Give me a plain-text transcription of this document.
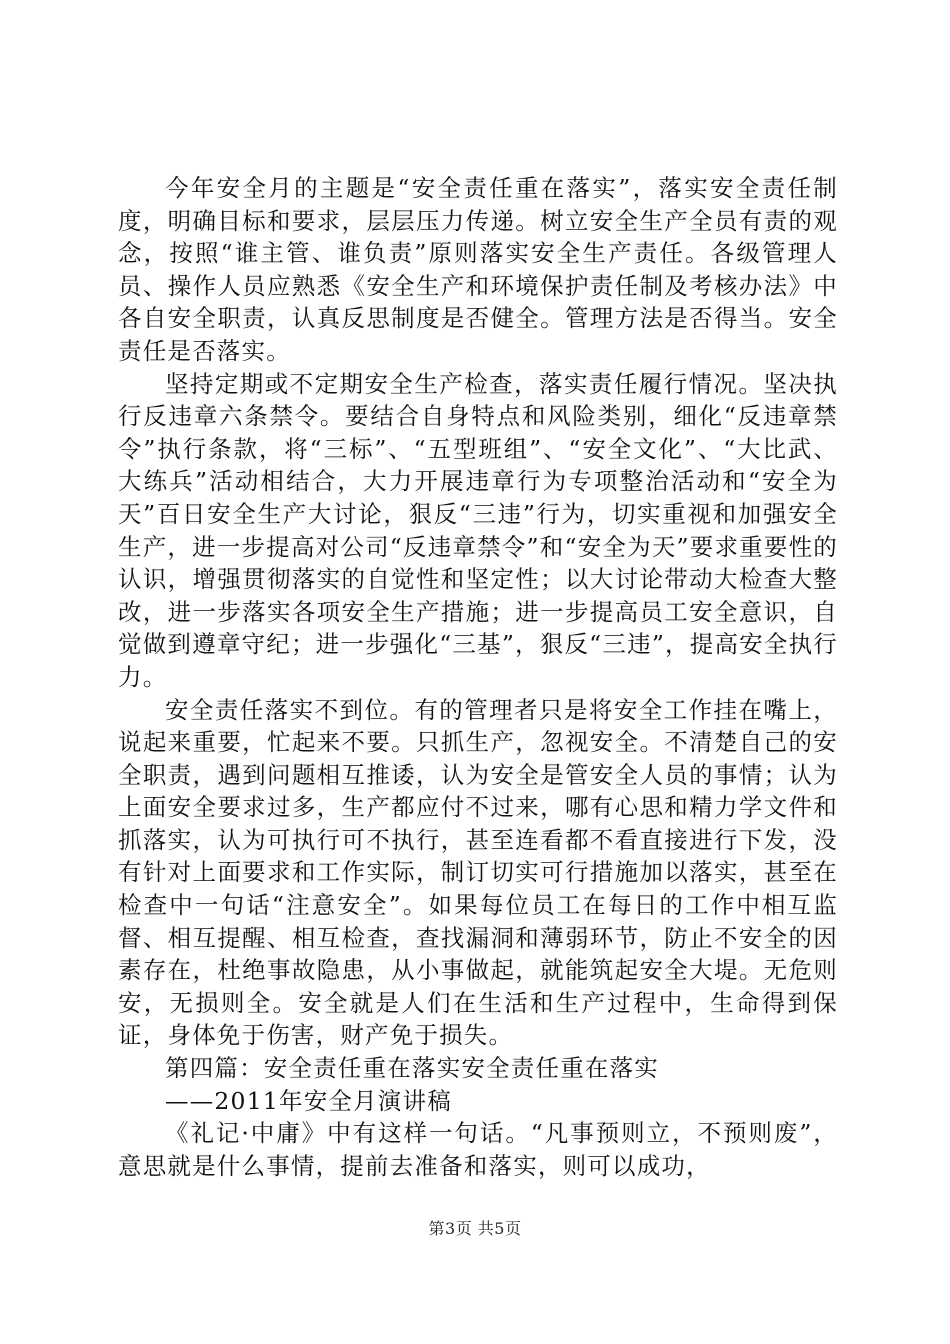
今年安全月的主题是“安全责任重在落实”，落实安全责任制度，明确目标和要求，层层压力传递。树立安全生产全员有责的观念，按照“谁主管、谁负责”原则落实安全生产责任。各级管理人员、操作人员应熟悉《安全生产和环境保护责任制及考核办法》中各自安全职责，认真反思制度是否健全。管理方法是否得当。安全责任是否落实。

坚持定期或不定期安全生产检查，落实责任履行情况。坚决执行反违章六条禁令。要结合自身特点和风险类别，细化“反违章禁令”执行条款，将“三标”、“五型班组”、“安全文化”、“大比武、大练兵”活动相结合，大力开展违章行为专项整治活动和“安全为天”百日安全生产大讨论，狠反“三违”行为，切实重视和加强安全生产，进一步提高对公司“反违章禁令”和“安全为天”要求重要性的认识，增强贯彻落实的自觉性和坚定性；以大讨论带动大检查大整改，进一步落实各项安全生产措施；进一步提高员工安全意识，自觉做到遵章守纪；进一步强化“三基”，狠反“三违”，提高安全执行力。

安全责任落实不到位。有的管理者只是将安全工作挂在嘴上，说起来重要，忙起来不要。只抓生产，忽视安全。不清楚自己的安全职责，遇到问题相互推诿，认为安全是管安全人员的事情；认为上面安全要求过多，生产都应付不过来，哪有心思和精力学文件和抓落实，认为可执行可不执行，甚至连看都不看直接进行下发，没有针对上面要求和工作实际，制订切实可行措施加以落实，甚至在检查中一句话“注意安全”。如果每位员工在每日的工作中相互监督、相互提醒、相互检查，查找漏洞和薄弱环节，防止不安全的因素存在，杜绝事故隐患，从小事做起，就能筑起安全大堤。无危则安，无损则全。安全就是人们在生活和生产过程中，生命得到保证，身体免于伤害，财产免于损失。

第四篇：安全责任重在落实安全责任重在落实

——2011年安全月演讲稿

《礼记·中庸》中有这样一句话。“凡事预则立，不预则废”，意思就是什么事情，提前去准备和落实，则可以成功，

第3页 共5页
